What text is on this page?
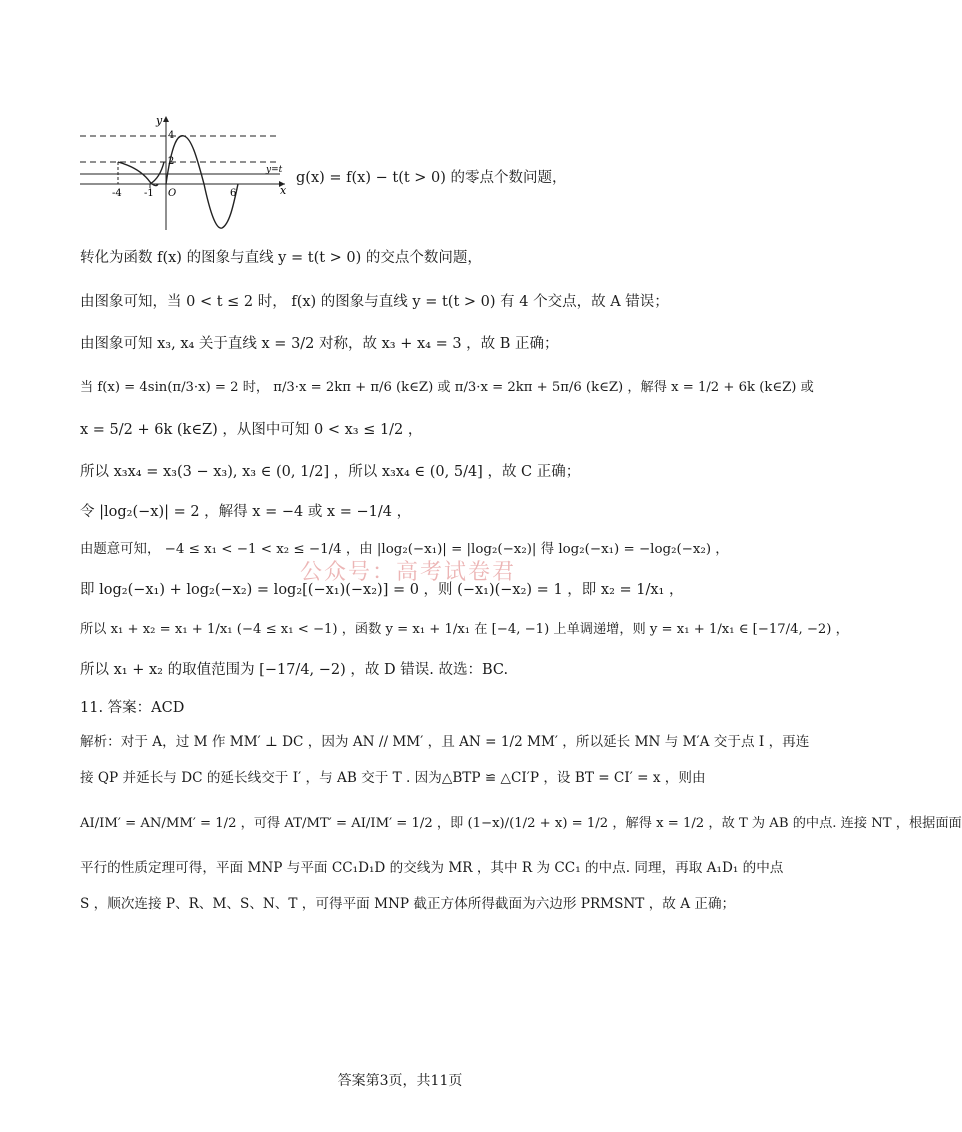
y
4
2
y=t
x
-4 -1 O	6
g(x) = f(x) − t(t > 0) 的零点个数问题，
转化为函数 f(x) 的图象与直线 y = t(t > 0) 的交点个数问题，
由图象可知，当 0 < t ≤ 2 时， f(x) 的图象与直线 y = t(t > 0) 有 4 个交点，故 A 错误；
由图象可知 x₃, x₄ 关于直线 x = 3/2 对称，故 x₃ + x₄ = 3 ，故 B 正确；
当 f(x) = 4sin(π/3·x) = 2 时， π/3·x = 2kπ + π/6 (k∈Z) 或 π/3·x = 2kπ + 5π/6 (k∈Z) ，解得 x = 1/2 + 6k (k∈Z) 或
x = 5/2 + 6k (k∈Z) ，从图中可知 0 < x₃ ≤ 1/2 ，
所以 x₃x₄ = x₃(3 − x₃), x₃ ∈ (0, 1/2] ，所以 x₃x₄ ∈ (0, 5/4] ，故 C 正确；
令 |log₂(−x)| = 2 ，解得 x = −4 或 x = −1/4 ，
由题意可知， −4 ≤ x₁ < −1 < x₂ ≤ −1/4 ，由 |log₂(−x₁)| = |log₂(−x₂)| 得 log₂(−x₁) = −log₂(−x₂) ，
即 log₂(−x₁) + log₂(−x₂) = log₂[(−x₁)(−x₂)] = 0 ，则 (−x₁)(−x₂) = 1 ，即 x₂ = 1/x₁ ，
所以 x₁ + x₂ = x₁ + 1/x₁ (−4 ≤ x₁ < −1) ，函数 y = x₁ + 1/x₁ 在 [−4, −1) 上单调递增，则 y = x₁ + 1/x₁ ∈ [−17/4, −2) ，
所以 x₁ + x₂ 的取值范围为 [−17/4, −2) ，故 D 错误. 故选：BC.
11. 答案：ACD
解析：对于 A，过 M 作 MM′ ⊥ DC ，因为 AN // MM′ ，且 AN = 1/2 MM′ ，所以延长 MN 与 M′A 交于点 I ，再连
接 QP 并延长与 DC 的延长线交于 I′ ，与 AB 交于 T . 因为△BTP ≌ △CI′P ，设 BT = CI′ = x ，则由
AI/IM′ = AN/MM′ = 1/2 ，可得 AT/MT′ = AI/IM′ = 1/2 ，即 (1−x)/(1/2 + x) = 1/2 ，解得 x = 1/2 ，故 T 为 AB 的中点. 连接 NT ，根据面面
平行的性质定理可得，平面 MNP 与平面 CC₁D₁D 的交线为 MR ，其中 R 为 CC₁ 的中点. 同理，再取 A₁D₁ 的中点
S ，顺次连接 P、R、M、S、N、T ，可得平面 MNP 截正方体所得截面为六边形 PRMSNT ，故 A 正确；
公众号：高考试卷君
答案第3页，共11页
